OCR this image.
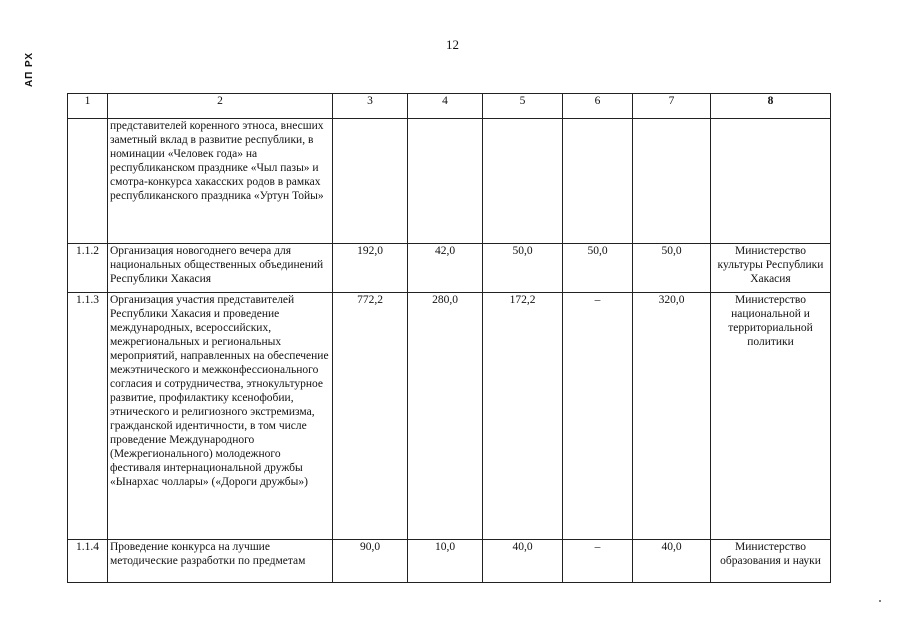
12
АП РХ
1	2	3	4	5	6	7	8
	представителей коренного этноса, внесших заметный вклад в развитие республики, в номинации «Человек года» на республиканском празднике «Чыл пазы» и смотра-конкурса хакасских родов в рамках республиканского праздника «Уртун Тойы»						
1.1.2	Организация новогоднего вечера для национальных общественных объединений Республики Хакасия	192,0	42,0	50,0	50,0	50,0	Министерство культуры Республики Хакасия
1.1.3	Организация участия представителей Республики Хакасия и проведение международных, всероссийских, межрегиональных и региональных мероприятий, направленных на обеспечение межэтнического и межконфессионального согласия и сотрудничества, этнокультурное развитие, профилактику ксенофобии, этнического и религиозного экстремизма, гражданской идентичности, в том числе проведение Международного (Межрегионального) молодежного фестиваля интернациональной дружбы «Ынархас чоллары» («Дороги дружбы»)	772,2	280,0	172,2	–	320,0	Министерство национальной и территориальной политики
1.1.4	Проведение конкурса на лучшие методические разработки по предметам	90,0	10,0	40,0	–	40,0	Министерство образования и науки
